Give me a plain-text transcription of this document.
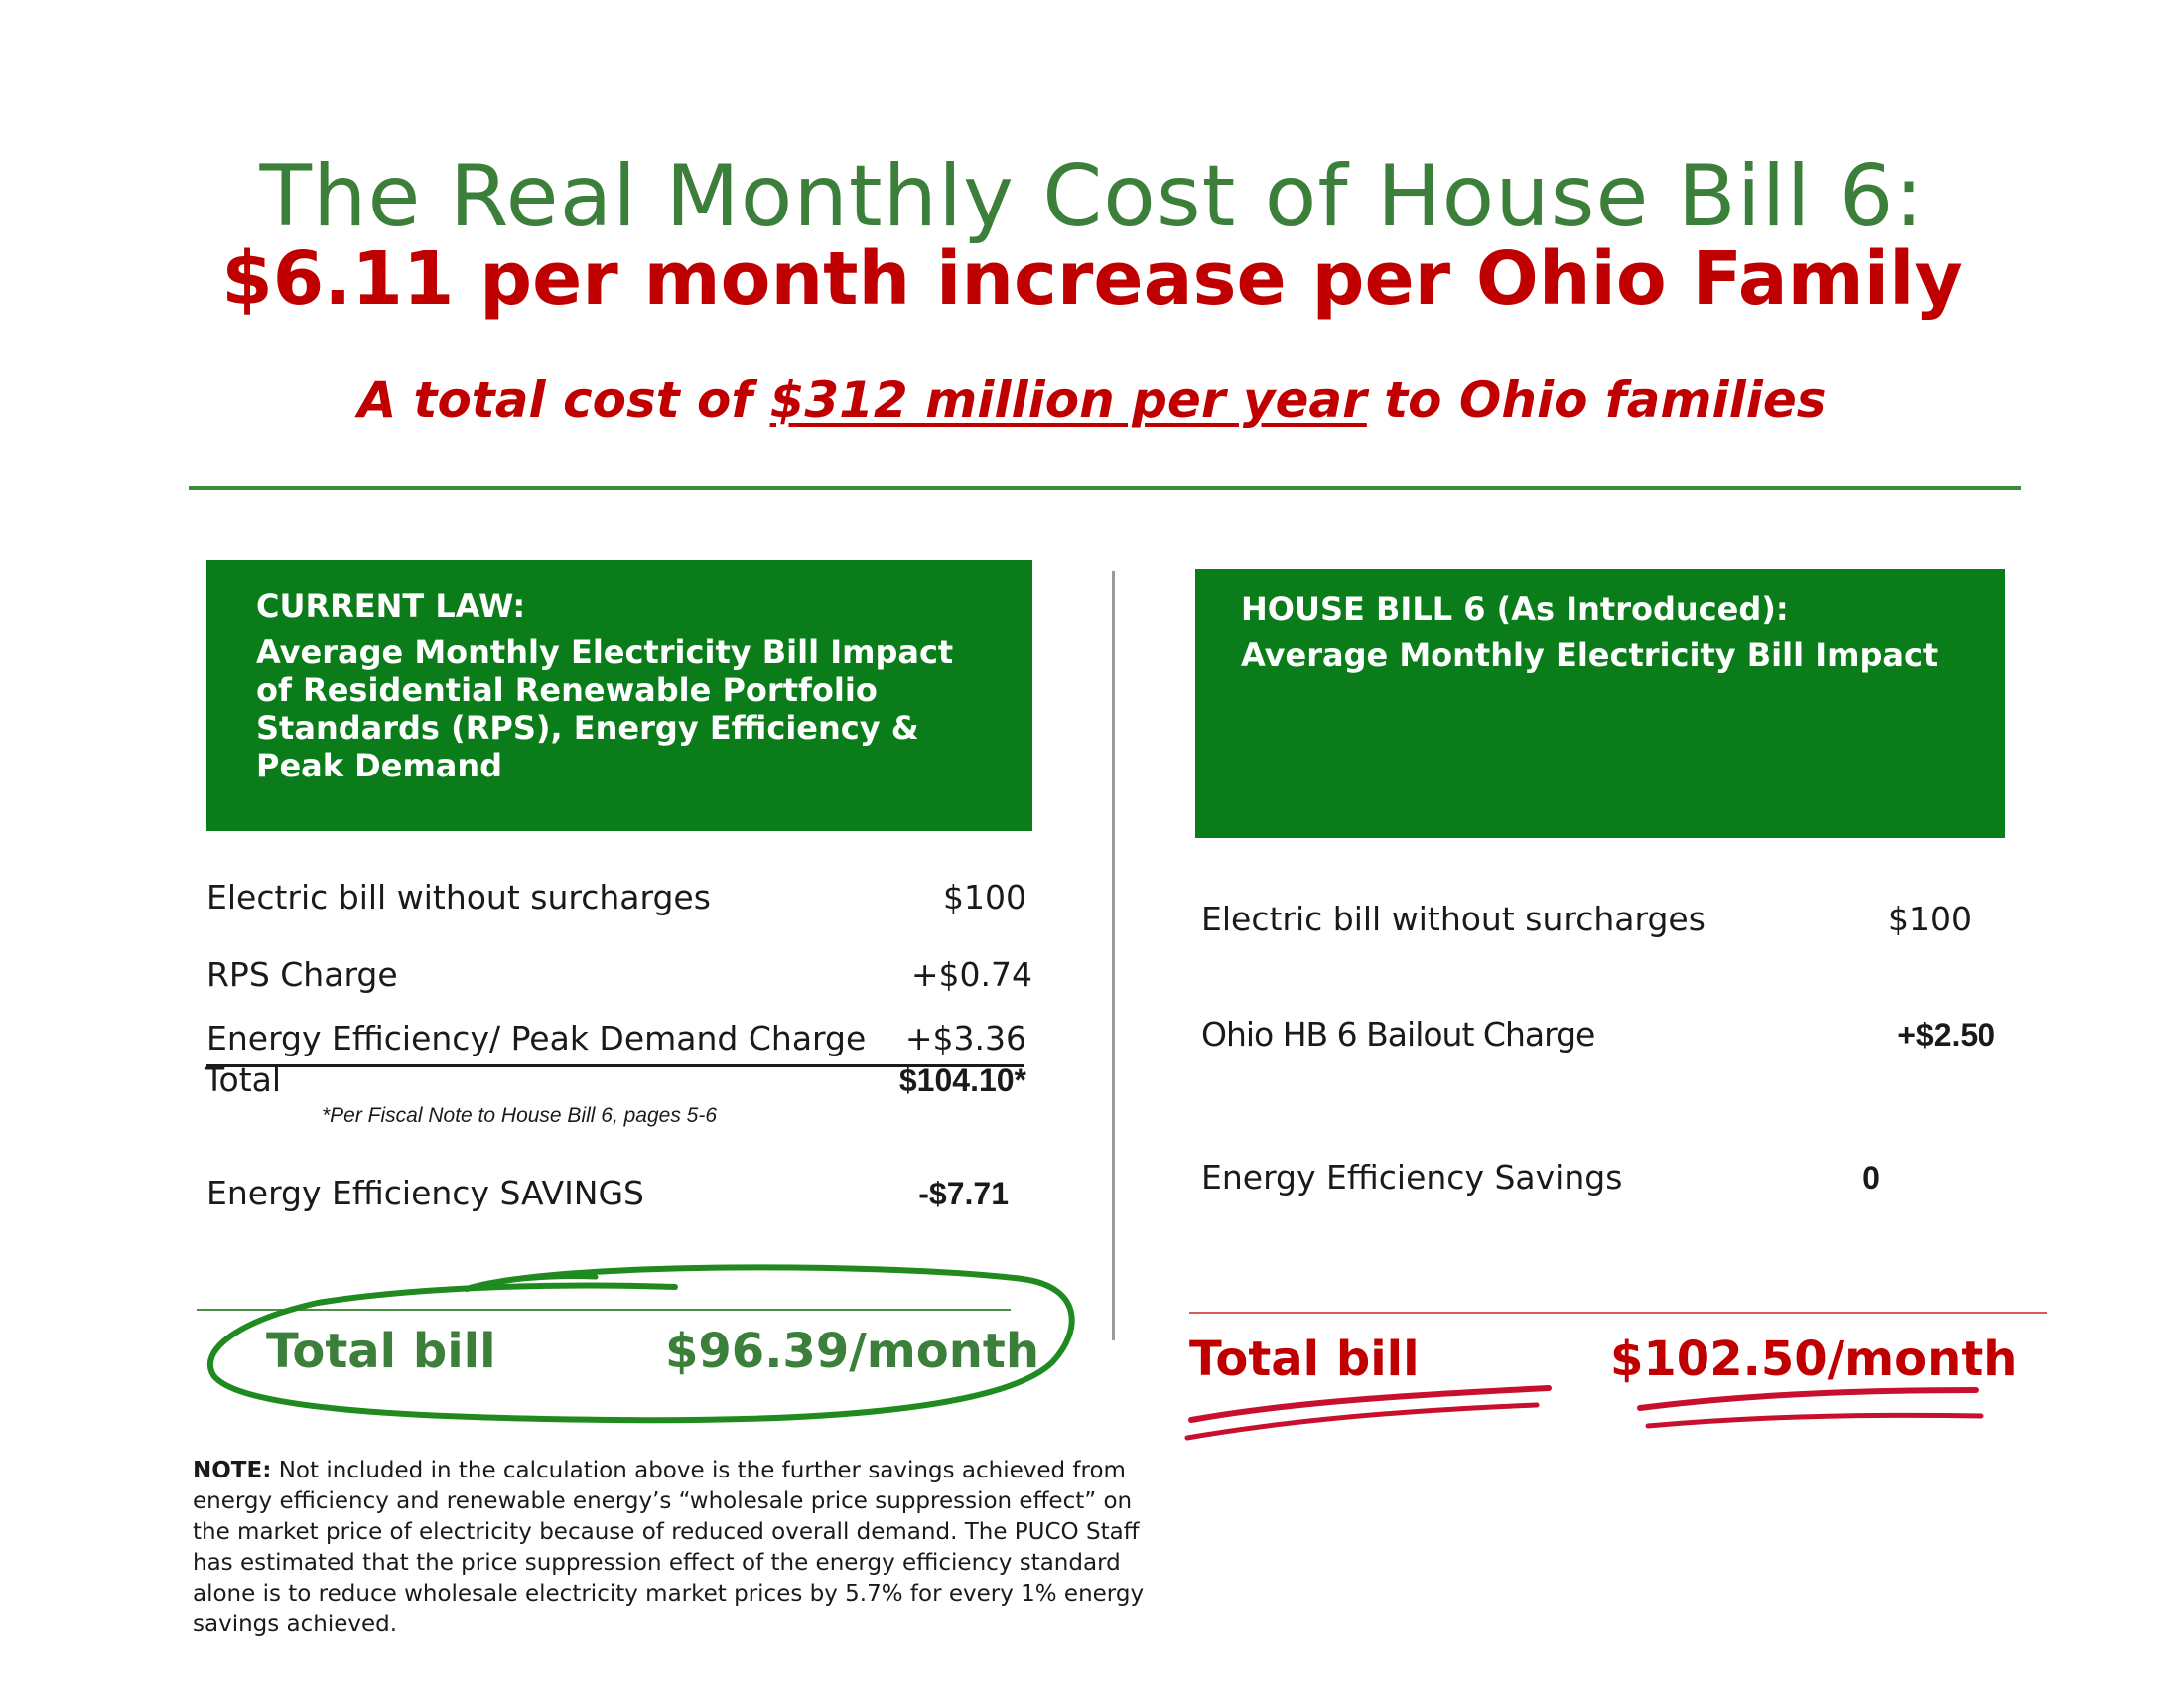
The Real Monthly Cost of House Bill 6:
$6.11 per month increase per Ohio Family
A total cost of $312 million per year to Ohio families
CURRENT LAW:
Average Monthly Electricity Bill Impact of Residential Renewable Portfolio Standards (RPS), Energy Efficiency & Peak Demand
HOUSE BILL 6 (As Introduced):
Average Monthly Electricity Bill Impact
Electric bill without surcharges	$100
RPS Charge	+$0.74
Energy Efficiency/ Peak Demand Charge	+$3.36
Total	$104.10*
*Per Fiscal Note to House Bill 6, pages 5-6
Energy Efficiency SAVINGS	-$7.71
Electric bill without surcharges	$100
Ohio HB 6 Bailout Charge	+$2.50
Energy Efficiency Savings	0
Total bill	$96.39/month	Total bill	$102.50/month
NOTE: Not included in the calculation above is the further savings achieved from energy efficiency and renewable energy’s “wholesale price suppression effect” on the market price of electricity because of reduced overall demand. The PUCO Staff has estimated that the price suppression effect of the energy efficiency standard alone is to reduce wholesale electricity market prices by 5.7% for every 1% energy savings achieved.
